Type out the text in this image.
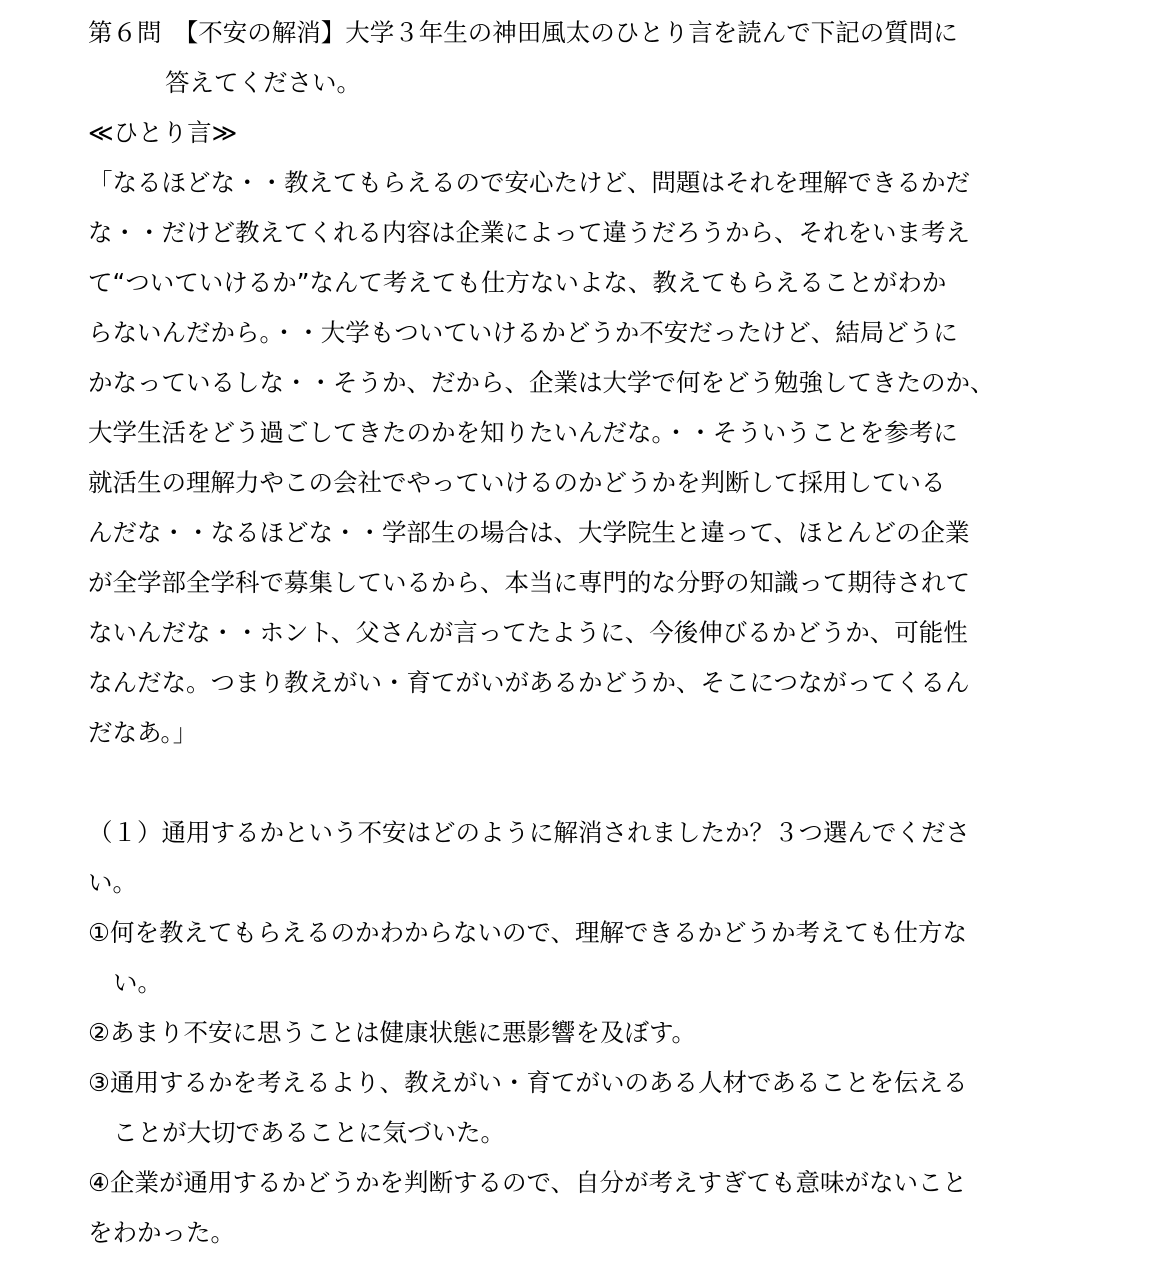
第６問　【不安の解消】大学３年生の神田風太のひとり言を読んで下記の質問に
答えてください。
≪ひとり言≫
「なるほどな・・教えてもらえるので安心たけど、問題はそれを理解できるかだ
な・・だけど教えてくれる内容は企業によって違うだろうから、それをいま考え
て“ついていけるか”なんて考えても仕方ないよな、教えてもらえることがわか
らないんだから。・・大学もついていけるかどうか不安だったけど、結局どうに
かなっているしな・・そうか、だから、企業は大学で何をどう勉強してきたのか、
大学生活をどう過ごしてきたのかを知りたいんだな。・・そういうことを参考に
就活生の理解力やこの会社でやっていけるのかどうかを判断して採用している
んだな・・なるほどな・・学部生の場合は、大学院生と違って、ほとんどの企業
が全学部全学科で募集しているから、本当に専門的な分野の知識って期待されて
ないんだな・・ホント、父さんが言ってたように、今後伸びるかどうか、可能性
なんだな。つまり教えがい・育てがいがあるかどうか、そこにつながってくるん
だなあ。」
（１）通用するかという不安はどのように解消されましたか？３つ選んでくださ
い。
①何を教えてもらえるのかわからないので、理解できるかどうか考えても仕方な
い。
②あまり不安に思うことは健康状態に悪影響を及ぼす。
③通用するかを考えるより、教えがい・育てがいのある人材であることを伝える
ことが大切であることに気づいた。
④企業が通用するかどうかを判断するので、自分が考えすぎても意味がないこと
をわかった。
